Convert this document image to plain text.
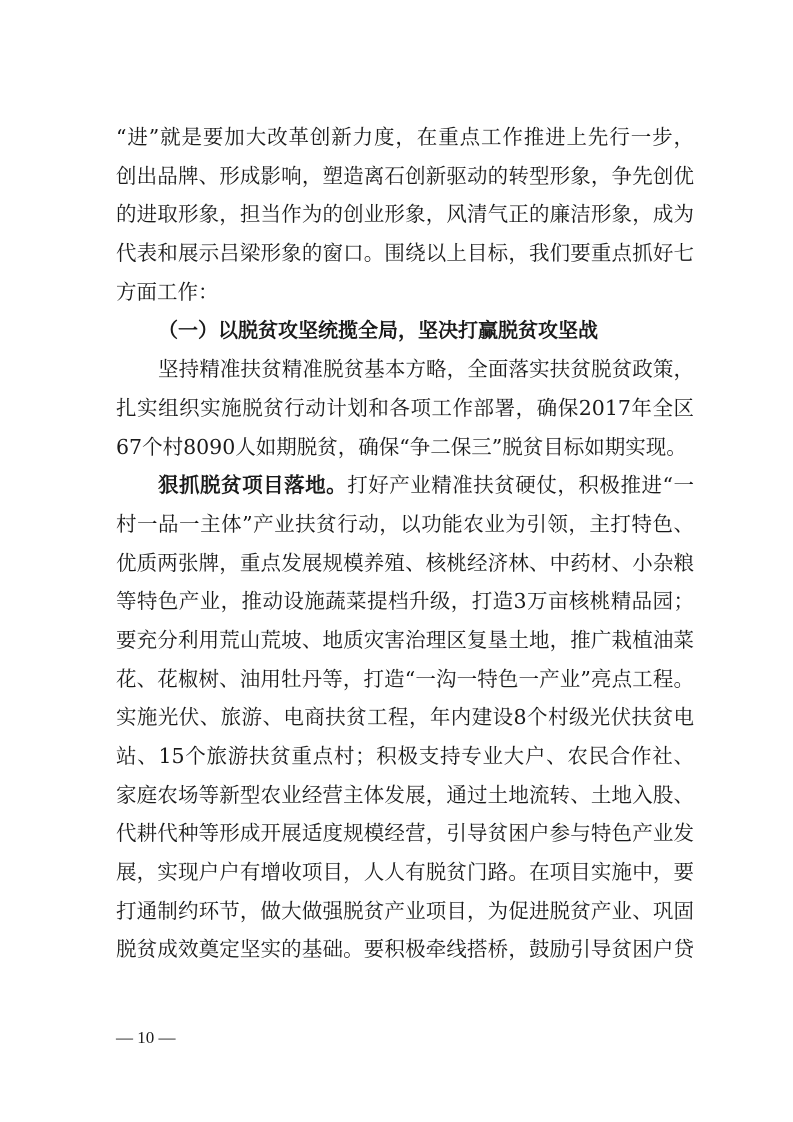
“进”就是要加大改革创新力度，在重点工作推进上先行一步，
创出品牌、形成影响，塑造离石创新驱动的转型形象，争先创优
的进取形象，担当作为的创业形象，风清气正的廉洁形象，成为
代表和展示吕梁形象的窗口。围绕以上目标，我们要重点抓好七
方面工作：
（一）以脱贫攻坚统揽全局，坚决打赢脱贫攻坚战
坚持精准扶贫精准脱贫基本方略，全面落实扶贫脱贫政策，
扎实组织实施脱贫行动计划和各项工作部署，确保2017年全区
67个村8090人如期脱贫，确保“争二保三”脱贫目标如期实现。
狠抓脱贫项目落地。打好产业精准扶贫硬仗，积极推进“一
村一品一主体”产业扶贫行动，以功能农业为引领，主打特色、
优质两张牌，重点发展规模养殖、核桃经济林、中药材、小杂粮
等特色产业，推动设施蔬菜提档升级，打造3万亩核桃精品园；
要充分利用荒山荒坡、地质灾害治理区复垦土地，推广栽植油菜
花、花椒树、油用牡丹等，打造“一沟一特色一产业”亮点工程。
实施光伏、旅游、电商扶贫工程，年内建设8个村级光伏扶贫电
站、15个旅游扶贫重点村；积极支持专业大户、农民合作社、
家庭农场等新型农业经营主体发展，通过土地流转、土地入股、
代耕代种等形成开展适度规模经营，引导贫困户参与特色产业发
展，实现户户有增收项目，人人有脱贫门路。在项目实施中，要
打通制约环节，做大做强脱贫产业项目，为促进脱贫产业、巩固
脱贫成效奠定坚实的基础。要积极牵线搭桥，鼓励引导贫困户贷
— 10 —
